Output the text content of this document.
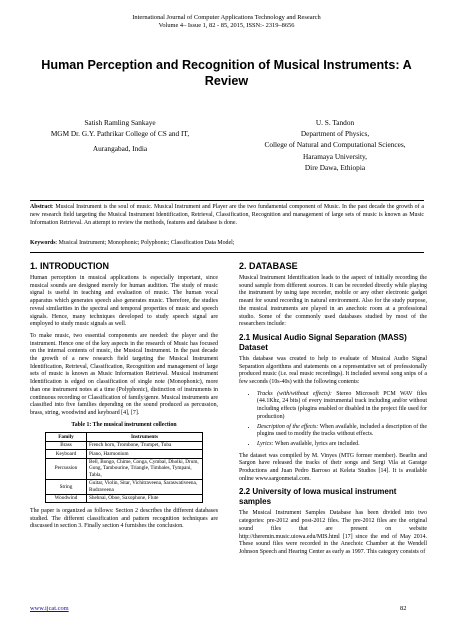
International Journal of Computer Applications Technology and Research
Volume 4– Issue 1, 82 - 85, 2015, ISSN:- 2319–8656
Human Perception and Recognition of Musical Instruments: A Review
Satish Ramling Sankaye
MGM Dr. G.Y. Pathrikar College of CS and IT,
Aurangabad, India
U. S. Tandon
Department of Physics,
College of Natural and Computational Sciences,
Haramaya University,
Dire Dawa, Ethiopia
Abstract: Musical Instrument is the soul of music. Musical Instrument and Player are the two fundamental component of Music. In the past decade the growth of a new research field targeting the Musical Instrument Identification, Retrieval, Classification, Recognition and management of large sets of music is known as Music Information Retrieval. An attempt to review the methods, features and database is done.
Keywords: Musical Instrument; Monophonic; Polyphonic; Classification Data Model;
1. INTRODUCTION

Human perception in musical applications is especially important, since musical sounds are designed merely for human audition. The study of music signal is useful in teaching and evaluation of music. The human vocal apparatus which generates speech also generates music. Therefore, the studies reveal similarities in the spectral and temporal properties of music and speech signals. Hence, many techniques developed to study speech signal are employed to study music signals as well.

To make music, two essential components are needed: the player and the instrument. Hence one of the key aspects in the research of Music has focused on the internal contents of music, the Musical Instrument. In the past decade the growth of a new research field targeting the Musical Instrument Identification, Retrieval, Classification, Recognition and management of large sets of music is known as Music Information Retrieval. Musical instrument Identification is edged on classification of single note (Monophonic), more than one instrument notes at a time (Polyphonic), distinction of instruments in continuous recording or Classification of family/genre. Musical instruments are classified into five families depending on the sound produced as percussion, brass, string, woodwind and keyboard [4], [7].

Table 1: The musical instrument collection
Family	Instruments
Brass	French horn, Trombone, Trumpet, Tuba
Keyboard	Piano, Harmonium
Percussion	Bell, Bongo, Chime, Conga, Cymbal, Dholki, Drum, Gong, Tambourine, Triangle, Timbales, Tympani, Tabla,
String	Guitar, Violin, Sitar, Vichitraveena, Saraswativeena, Rudraveena
Woodwind	Shehnai, Oboe, Saxophone, Flute

The paper is organized as follows: Section 2 describes the different databases studied. The different classification and pattern recognition techniques are discussed in section 3. Finally section 4 furnishes the conclusion.

2. DATABASE

Musical Instrument Identification leads to the aspect of initially recording the sound sample from different sources. It can be recorded directly while playing the instrument by using tape recorder, mobile or any other electronic gadget meant for sound recording in natural environment. Also for the study purpose, the musical instruments are played in an anechoic room at a professional studio. Some of the commonly used databases studied by most of the researchers include:

2.1 Musical Audio Signal Separation (MASS) Dataset

This database was created to help to evaluate of Musical Audio Signal Separation algorithms and statements on a representative set of professionally produced music (i.e. real music recordings). It included several song snips of a few seconds (10s-40s) with the following contents:

• Tracks (with/without effects): Stereo Microsoft PCM WAV files (44.1Khz, 24 bits) of every instrumental track including and/or without including effects (plugins enabled or disabled in the project file used for production)
• Description of the effects: When available, included a description of the plugins used to modify the tracks without effects.
• Lyrics: When available, lyrics are included.

The dataset was compiled by M. Vinyes (MTG former member). Bearlin and Sargon have released the tracks of their songs and Sergi Vila at Garatge Productions and Juan Pedro Barroso at Keleta Studios [14]. It is available online www.sargonmetal.com.

2.2 University of Iowa musical instrument samples

The Musical Instrument Samples Database has been divided into two categories: pre-2012 and post-2012 files. The pre-2012 files are the original sound files that are present on website http://theremin.music.uiowa.edu/MIS.html [17] since the end of May 2014. These sound files were recorded in the Anechoic Chamber at the Wendell Johnson Speech and Hearing Center as early as 1997. This category consists of

www.ijcat.com	82
